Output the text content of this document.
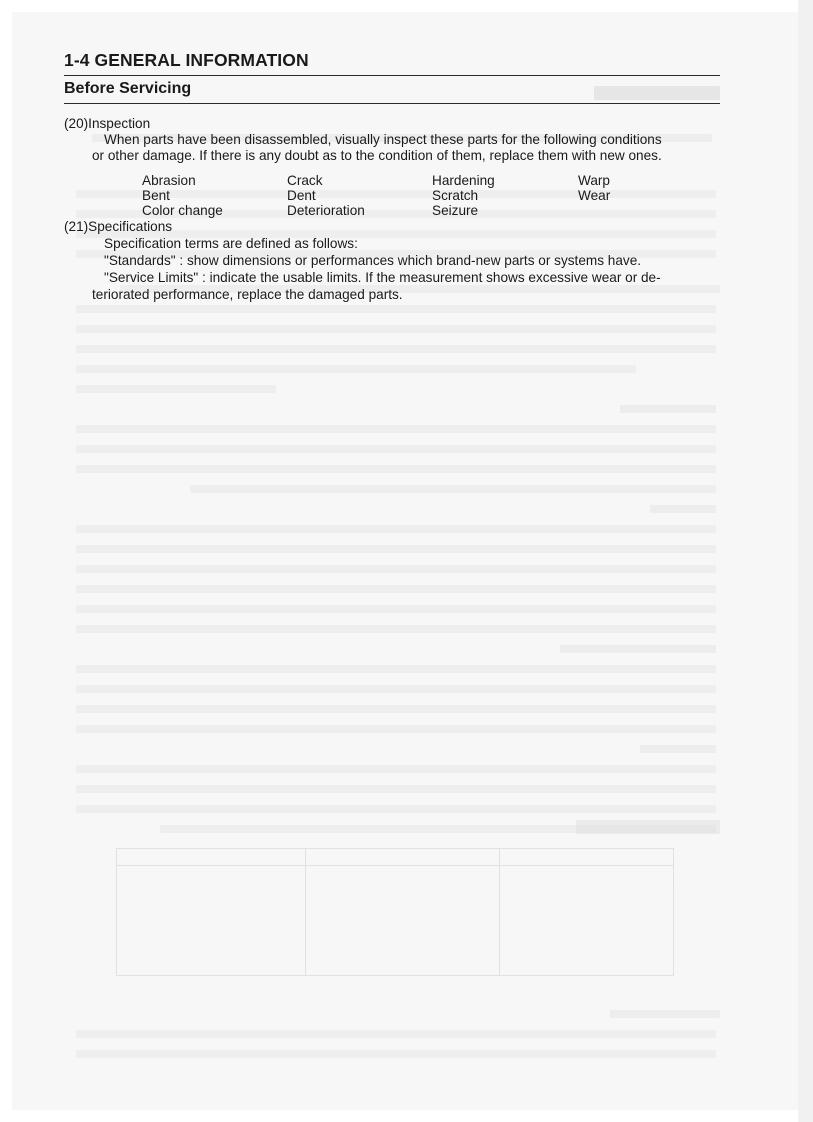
1-4 GENERAL INFORMATION
Before Servicing
(20)Inspection
When parts have been disassembled, visually inspect these parts for the following conditions
or other damage. If there is any doubt as to the condition of them, replace them with new ones.
Abrasion	Crack	Hardening	Warp
Bent	Dent	Scratch	Wear
Color change	Deterioration	Seizure
(21)Specifications
Specification terms are defined as follows:
"Standards" : show dimensions or performances which brand-new parts or systems have.
"Service Limits" : indicate the usable limits. If the measurement shows excessive wear or de-
teriorated performance, replace the damaged parts.
